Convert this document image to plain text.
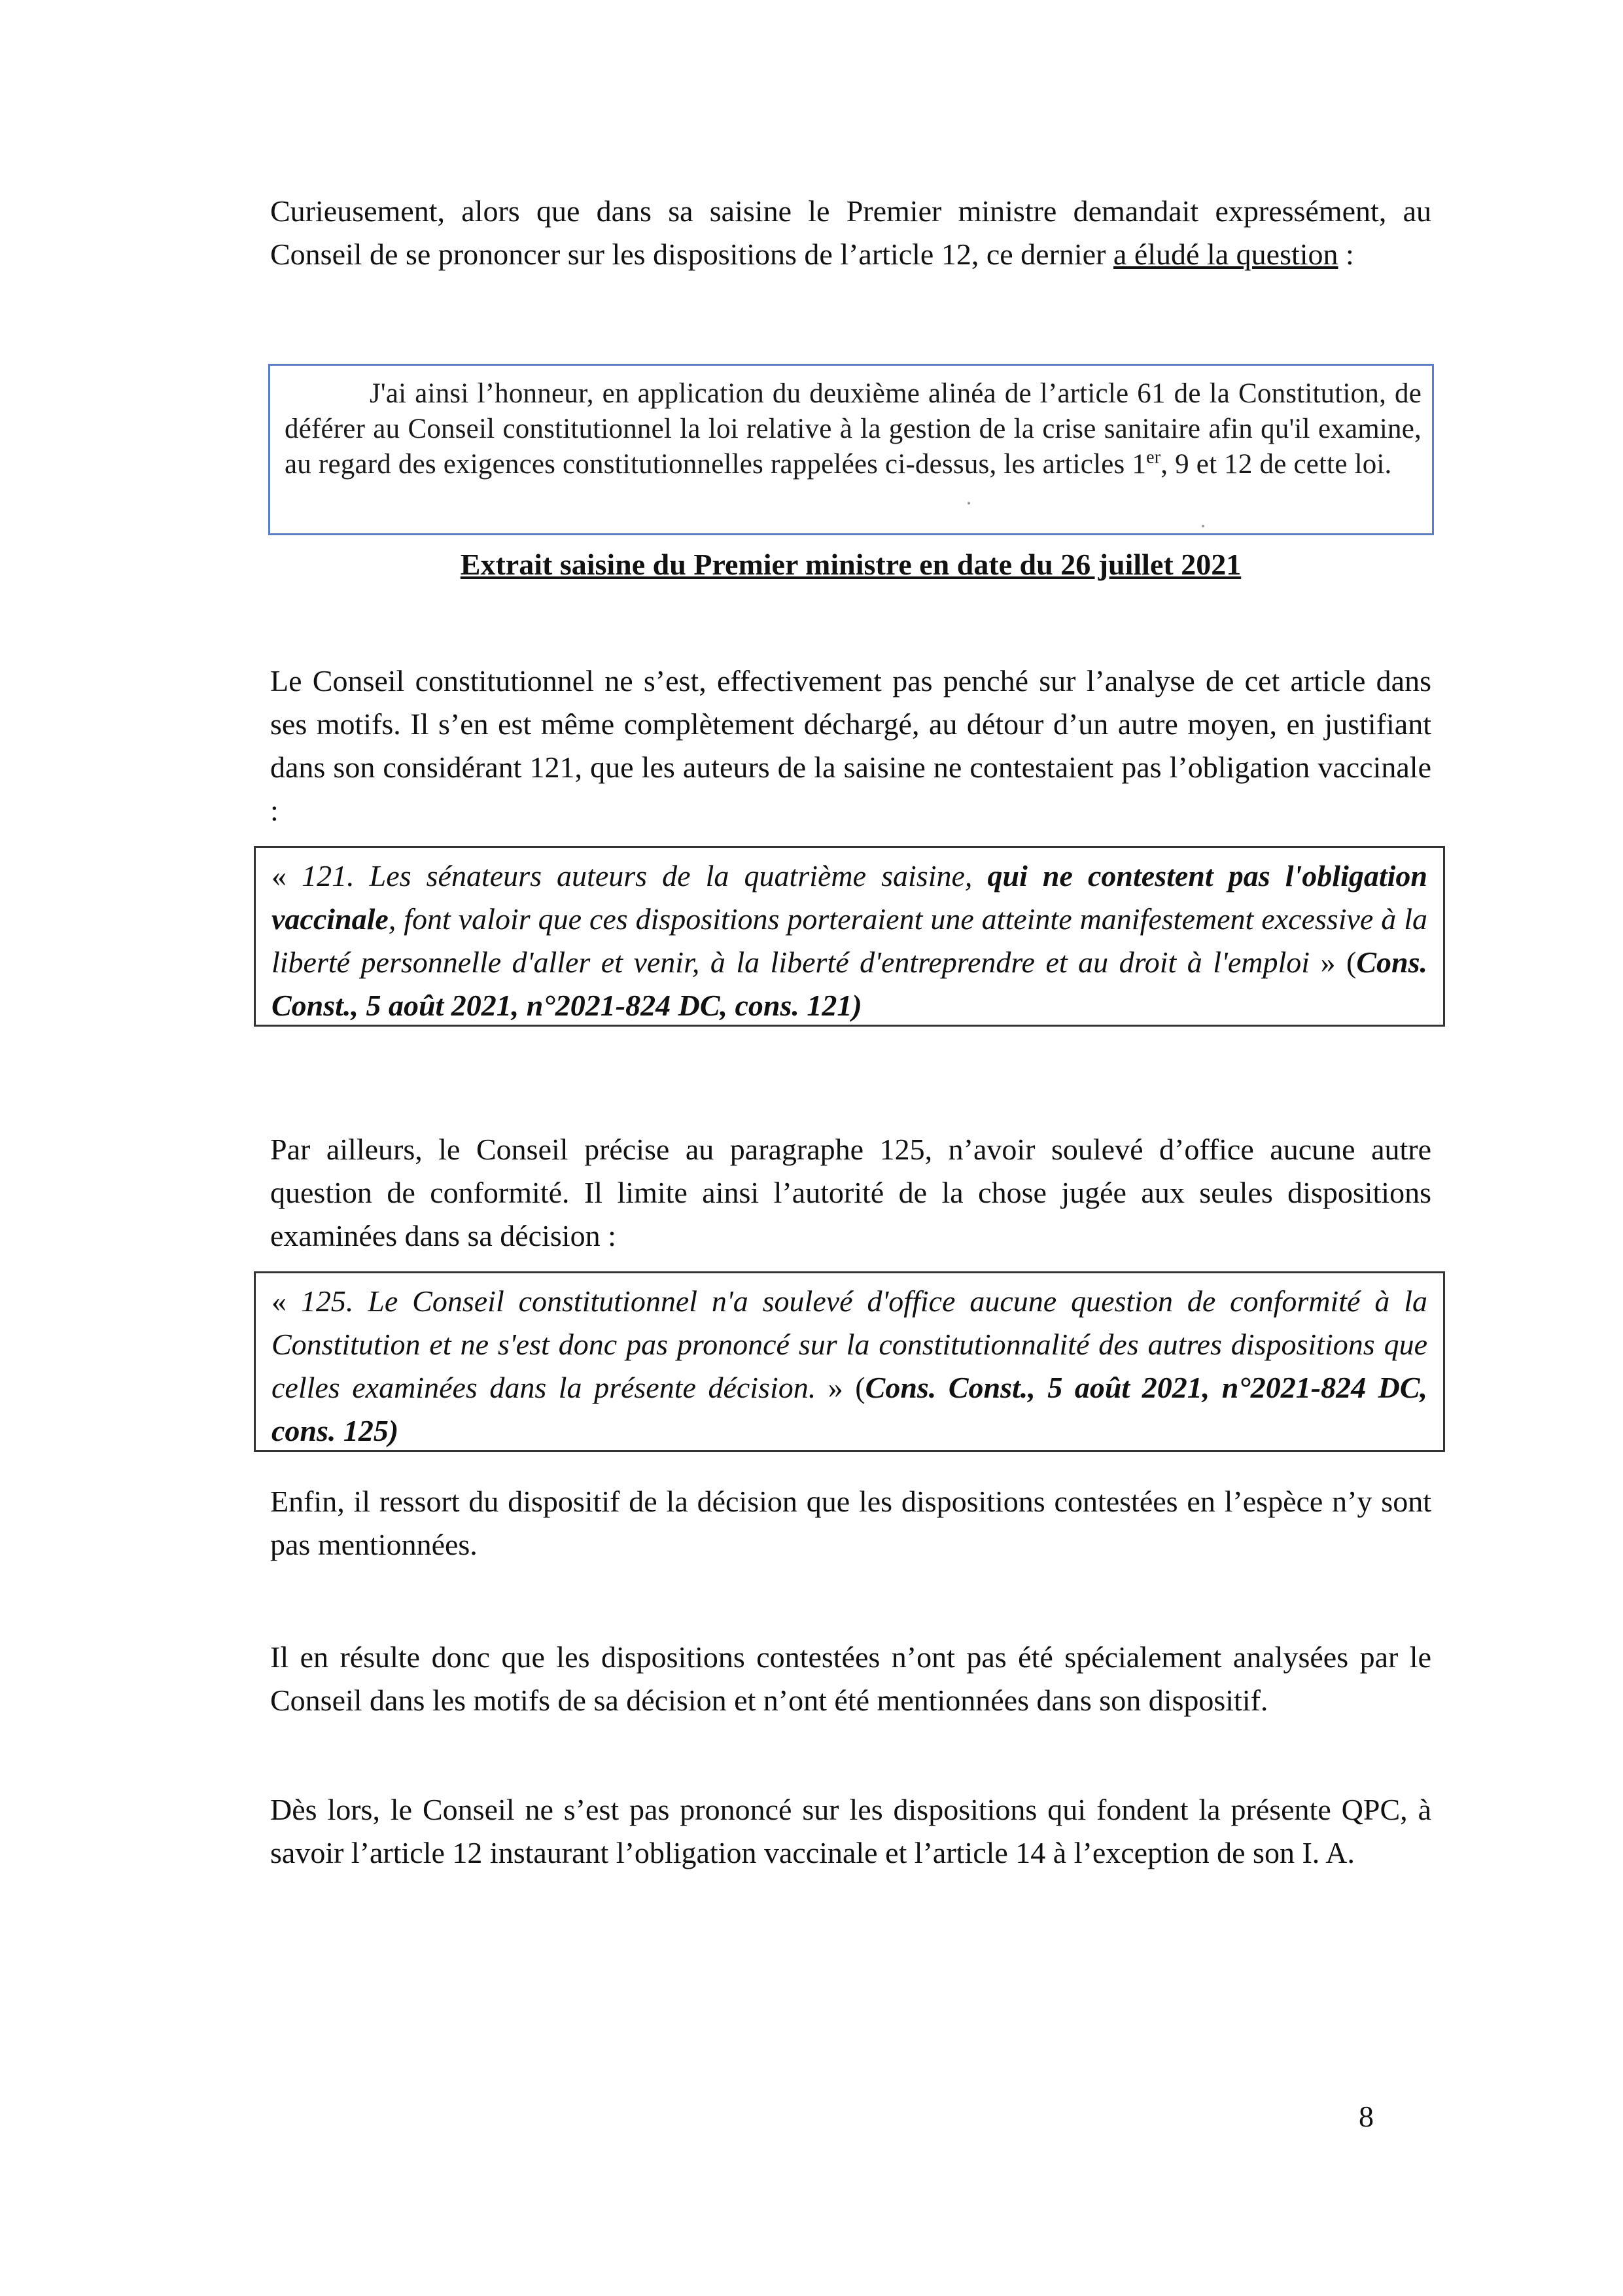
Curieusement, alors que dans sa saisine le Premier ministre demandait expressément, au Conseil de se prononcer sur les dispositions de l’article 12, ce dernier a éludé la question :

J'ai ainsi l’honneur, en application du deuxième alinéa de l’article 61 de la Constitution, de déférer au Conseil constitutionnel la loi relative à la gestion de la crise sanitaire afin qu'il examine, au regard des exigences constitutionnelles rappelées ci-dessus, les articles 1er, 9 et 12 de cette loi.
Extrait saisine du Premier ministre en date du 26 juillet 2021

Le Conseil constitutionnel ne s’est, effectivement pas penché sur l’analyse de cet article dans ses motifs. Il s’en est même complètement déchargé, au détour d’un autre moyen, en justifiant dans son considérant 121, que les auteurs de la saisine ne contestaient pas l’obligation vaccinale :

« 121. Les sénateurs auteurs de la quatrième saisine, qui ne contestent pas l'obligation vaccinale, font valoir que ces dispositions porteraient une atteinte manifestement excessive à la liberté personnelle d'aller et venir, à la liberté d'entreprendre et au droit à l'emploi » (Cons. Const., 5 août 2021, n°2021-824 DC, cons. 121)

Par ailleurs, le Conseil précise au paragraphe 125, n’avoir soulevé d’office aucune autre question de conformité. Il limite ainsi l’autorité de la chose jugée aux seules dispositions examinées dans sa décision :

« 125. Le Conseil constitutionnel n'a soulevé d'office aucune question de conformité à la Constitution et ne s'est donc pas prononcé sur la constitutionnalité des autres dispositions que celles examinées dans la présente décision. » (Cons. Const., 5 août 2021, n°2021-824 DC, cons. 125)

Enfin, il ressort du dispositif de la décision que les dispositions contestées en l’espèce n’y sont pas mentionnées.

Il en résulte donc que les dispositions contestées n’ont pas été spécialement analysées par le Conseil dans les motifs de sa décision et n’ont été mentionnées dans son dispositif.

Dès lors, le Conseil ne s’est pas prononcé sur les dispositions qui fondent la présente QPC, à savoir l’article 12 instaurant l’obligation vaccinale et l’article 14 à l’exception de son I. A.

8
